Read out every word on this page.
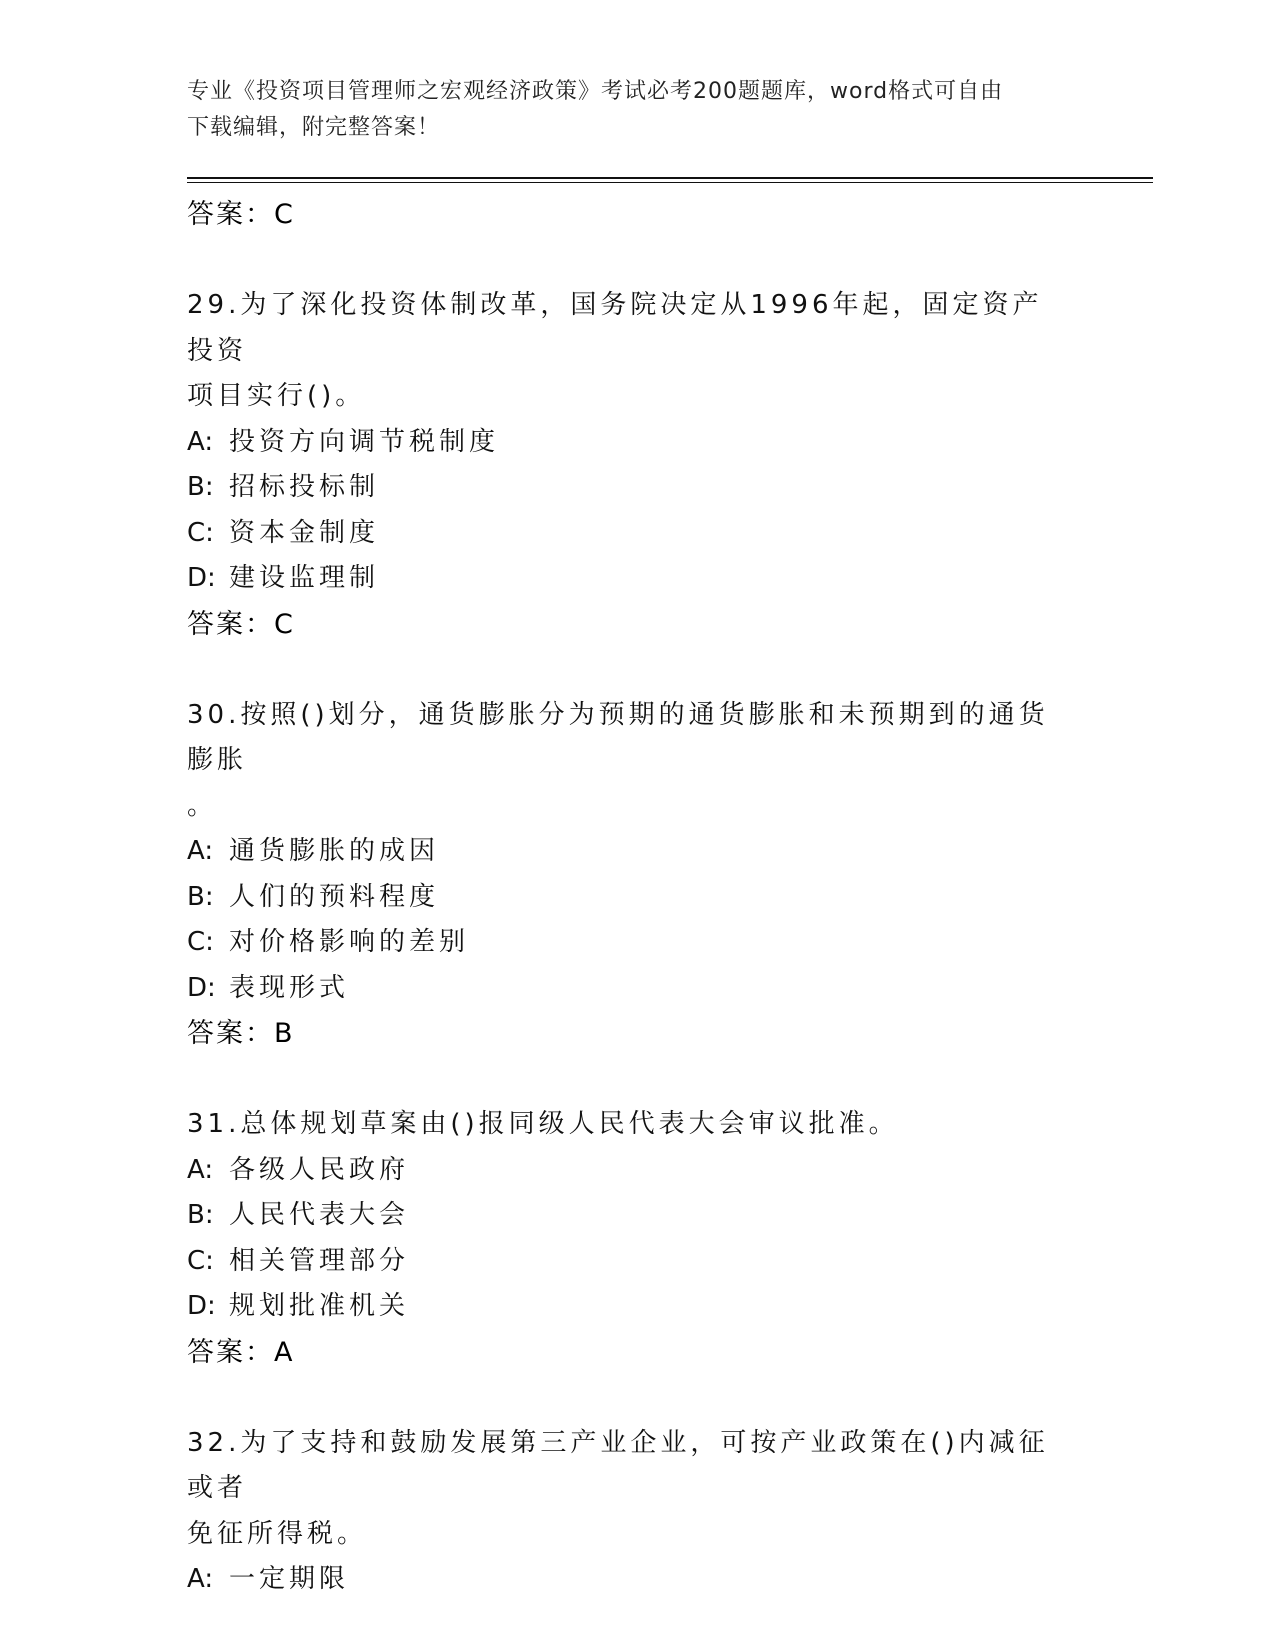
专业《投资项目管理师之宏观经济政策》考试必考200题题库，word格式可自由
下载编辑，附完整答案！
答案：C
29.为了深化投资体制改革，国务院决定从1996年起，固定资产投资
项目实行()。
A: 投资方向调节税制度
B: 招标投标制
C: 资本金制度
D: 建设监理制
答案：C
30.按照()划分，通货膨胀分为预期的通货膨胀和未预期到的通货膨胀
。
A: 通货膨胀的成因
B: 人们的预料程度
C: 对价格影响的差别
D: 表现形式
答案：B
31.总体规划草案由()报同级人民代表大会审议批准。
A: 各级人民政府
B: 人民代表大会
C: 相关管理部分
D: 规划批准机关
答案：A
32.为了支持和鼓励发展第三产业企业，可按产业政策在()内减征或者
免征所得税。
A: 一定期限
